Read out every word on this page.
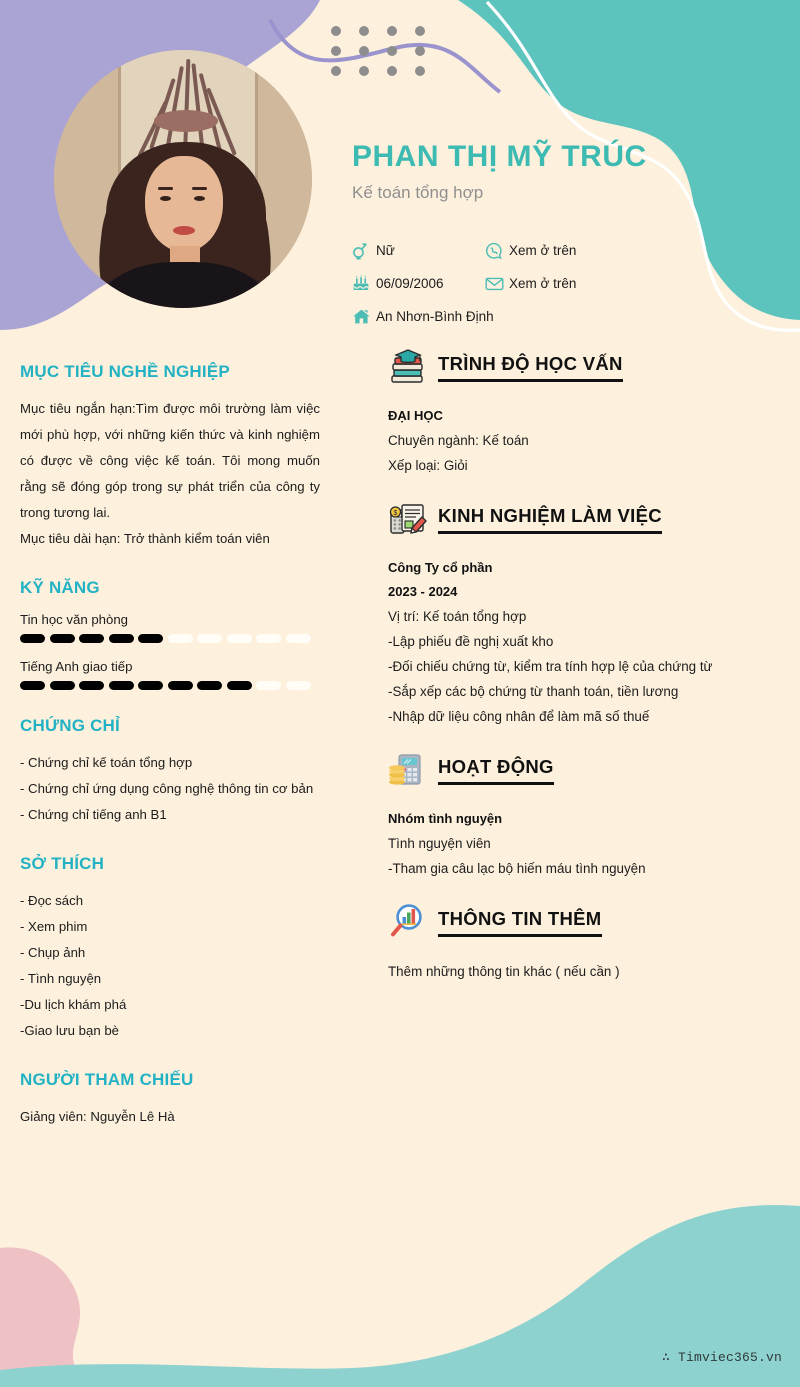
PHAN THỊ MỸ TRÚC
Kế toán tổng hợp
Nữ	Xem ở trên
06/09/2006	Xem ở trên
An Nhơn-Bình Định
MỤC TIÊU NGHỀ NGHIỆP
Mục tiêu ngắn hạn:Tìm được môi trường làm việc mới phù hợp, với những kiến thức và kinh nghiệm có được về công việc kế toán. Tôi mong muốn rằng sẽ đóng góp trong sự phát triển của công ty trong tương lai.
Mục tiêu dài hạn: Trở thành kiểm toán viên
KỸ NĂNG
Tin học văn phòng
Tiếng Anh giao tiếp
CHỨNG CHỈ
- Chứng chỉ kế toán tổng hợp
- Chứng chỉ ứng dụng công nghệ thông tin cơ bản
- Chứng chỉ tiếng anh B1
SỞ THÍCH
- Đọc sách
- Xem phim
- Chụp ảnh
- Tình nguyện
-Du lịch khám phá
-Giao lưu bạn bè
NGƯỜI THAM CHIẾU
Giảng viên: Nguyễn Lê Hà
TRÌNH ĐỘ HỌC VẤN
ĐẠI HỌC
Chuyên ngành: Kế toán
Xếp loại: Giỏi
$ KINH NGHIỆM LÀM VIỆC
Công Ty cổ phần
2023 - 2024
Vị trí: Kế toán tổng hợp
-Lập phiếu đề nghị xuất kho
-Đối chiếu chứng từ, kiểm tra tính hợp lệ của chứng từ
-Sắp xếp các bộ chứng từ thanh toán, tiền lương
-Nhập dữ liệu công nhân để làm mã số thuế
HOẠT ĐỘNG
Nhóm tình nguyện
Tình nguyện viên
-Tham gia câu lạc bộ hiến máu tình nguyện
THÔNG TIN THÊM
Thêm những thông tin khác ( nếu cần )
∴ Timviec365.vn
